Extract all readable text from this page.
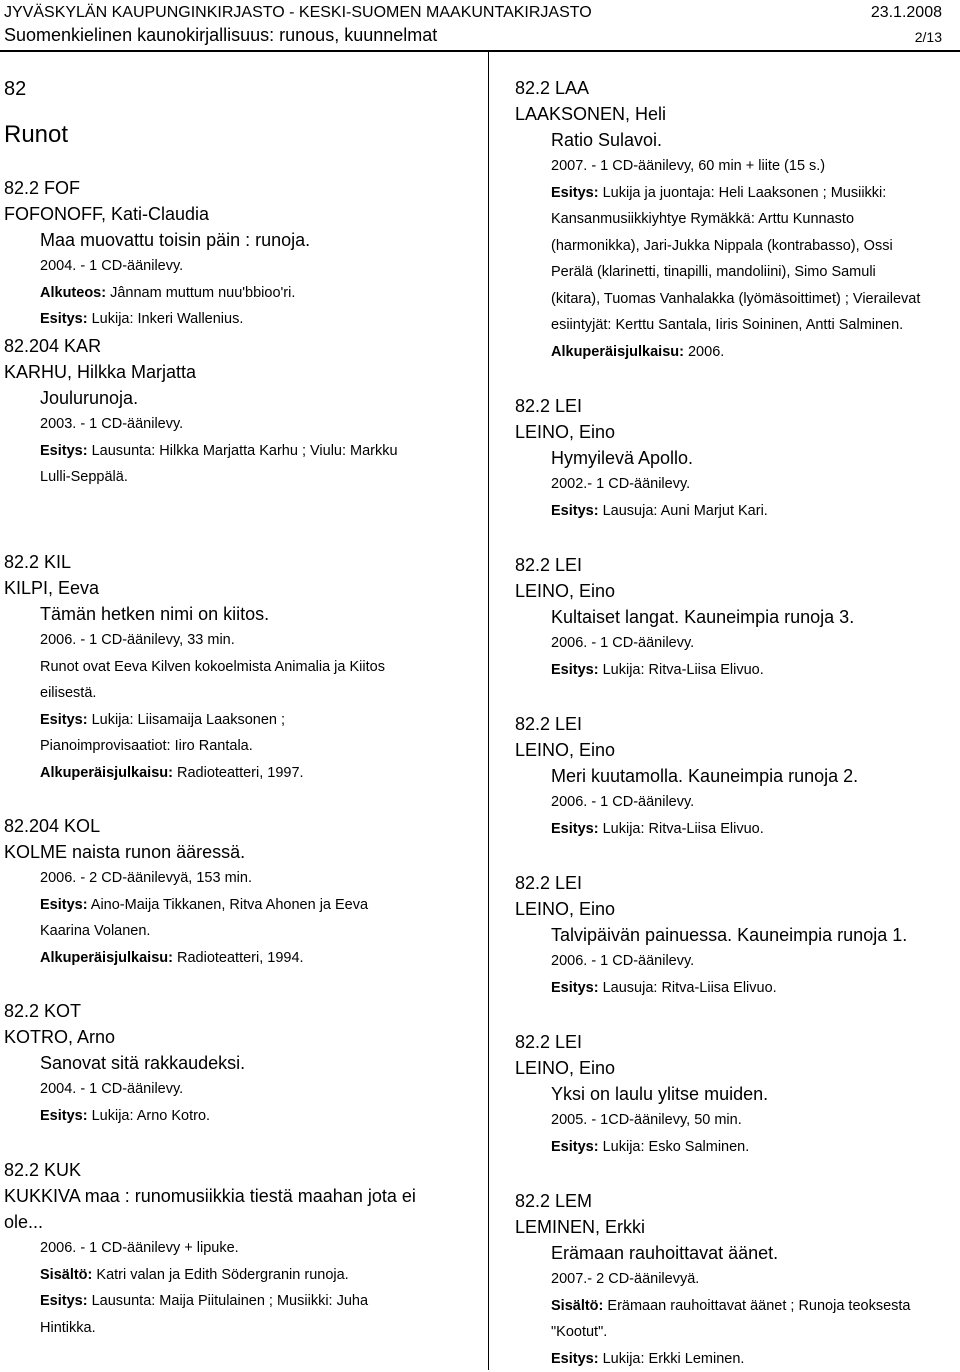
JYVÄSKYLÄN KAUPUNGINKIRJASTO - KESKI-SUOMEN MAAKUNTAKIRJASTO	23.1.2008
Suomenkielinen kaunokirjallisuus: runous, kuunnelmat	2/13
82
Runot
82.2 FOF
FOFONOFF, Kati-Claudia
Maa muovattu toisin päin : runoja.
2004. - 1 CD-äänilevy.
Alkuteos: Jânnam muttum nuu'bbioo'ri.
Esitys: Lukija: Inkeri Wallenius.
82.204 KAR
KARHU, Hilkka Marjatta
Joulurunoja.
2003. - 1 CD-äänilevy.
Esitys: Lausunta: Hilkka Marjatta Karhu ; Viulu: Markku
Lulli-Seppälä.
82.2 KIL
KILPI, Eeva
Tämän hetken nimi on kiitos.
2006. - 1 CD-äänilevy, 33 min.
Runot ovat Eeva Kilven kokoelmista Animalia ja Kiitos
eilisestä.
Esitys: Lukija: Liisamaija Laaksonen ;
Pianoimprovisaatiot: Iiro Rantala.
Alkuperäisjulkaisu: Radioteatteri, 1997.
82.204 KOL
KOLME naista runon ääressä.
2006. - 2 CD-äänilevyä, 153 min.
Esitys: Aino-Maija Tikkanen, Ritva Ahonen ja Eeva
Kaarina Volanen.
Alkuperäisjulkaisu: Radioteatteri, 1994.
82.2 KOT
KOTRO, Arno
Sanovat sitä rakkaudeksi.
2004. - 1 CD-äänilevy.
Esitys: Lukija: Arno Kotro.
82.2 KUK
KUKKIVA maa : runomusiikkia tiestä maahan jota ei
ole...
2006. - 1 CD-äänilevy + lipuke.
Sisältö: Katri valan ja Edith Södergranin runoja.
Esitys: Lausunta: Maija Piitulainen ; Musiikki: Juha
Hintikka.
82.2 LAA
LAAKSONEN, Heli
Ratio Sulavoi.
2007. - 1 CD-äänilevy, 60 min + liite (15 s.)
Esitys: Lukija ja juontaja: Heli Laaksonen ; Musiikki:
Kansanmusiikkiyhtye Rymäkkä: Arttu Kunnasto
(harmonikka), Jari-Jukka Nippala (kontrabasso), Ossi
Perälä (klarinetti, tinapilli, mandoliini), Simo Samuli
(kitara), Tuomas Vanhalakka (lyömäsoittimet) ; Vierailevat
esiintyjät: Kerttu Santala, Iiris Soininen, Antti Salminen.
Alkuperäisjulkaisu: 2006.
82.2 LEI
LEINO, Eino
Hymyilevä Apollo.
2002.- 1 CD-äänilevy.
Esitys: Lausuja: Auni Marjut Kari.
82.2 LEI
LEINO, Eino
Kultaiset langat. Kauneimpia runoja 3.
2006. - 1 CD-äänilevy.
Esitys: Lukija: Ritva-Liisa Elivuo.
82.2 LEI
LEINO, Eino
Meri kuutamolla. Kauneimpia runoja 2.
2006. - 1 CD-äänilevy.
Esitys: Lukija: Ritva-Liisa Elivuo.
82.2 LEI
LEINO, Eino
Talvipäivän painuessa. Kauneimpia runoja 1.
2006. - 1 CD-äänilevy.
Esitys: Lausuja: Ritva-Liisa Elivuo.
82.2 LEI
LEINO, Eino
Yksi on laulu ylitse muiden.
2005. - 1CD-äänilevy, 50 min.
Esitys: Lukija: Esko Salminen.
82.2 LEM
LEMINEN, Erkki
Erämaan rauhoittavat äänet.
2007.- 2 CD-äänilevyä.
Sisältö: Erämaan rauhoittavat äänet ; Runoja teoksesta
"Kootut".
Esitys: Lukija: Erkki Leminen.
